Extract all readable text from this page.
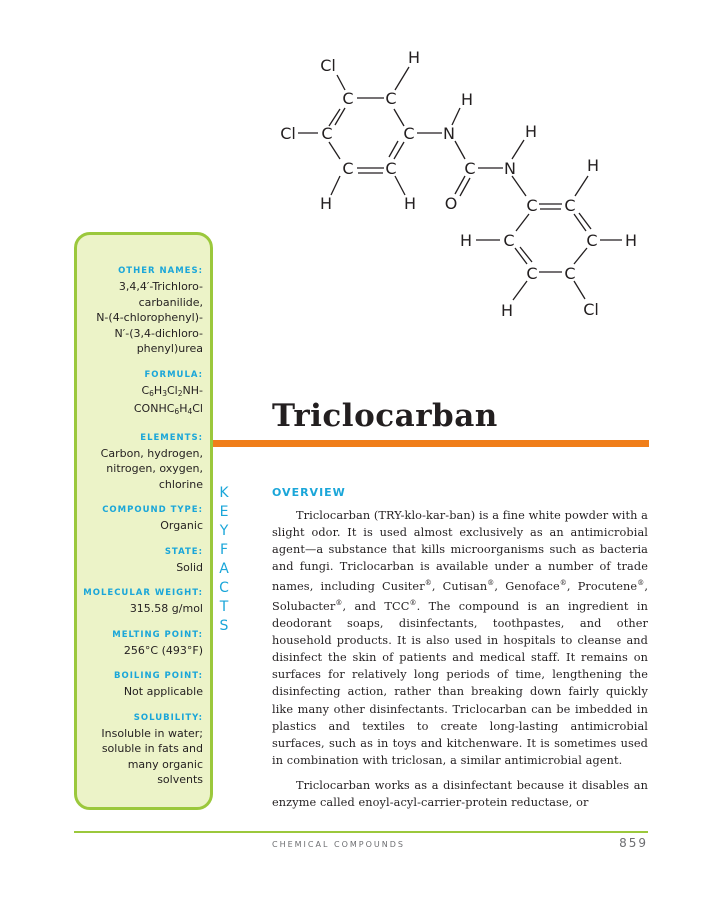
Cl	H
C C	H
Cl C	C N	H
C C	C N	H
H	H O	C C
H C	C H
C C
H	Cl
OTHER NAMES:
3,4,4′-Trichloro-
carbanilide,
N-(4-chlorophenyl)-
N′-(3,4-dichloro-
phenyl)urea
FORMULA:
$C_6H_3Cl_2NH-$
$CONHC_6H_4Cl$
ELEMENTS:
Carbon, hydrogen,
nitrogen, oxygen,
chlorine
COMPOUND TYPE:
Organic
STATE:
Solid
MOLECULAR WEIGHT:
315.58 g/mol
MELTING POINT:
256°C (493°F)
BOILING POINT:
Not applicable
SOLUBILITY:
Insoluble in water;
soluble in fats and
many organic
solvents
K
E
Y
F
A
C
T
S
Triclocarban
OVERVIEW

Triclocarban (TRY-klo-kar-ban) is a fine white powder with a slight odor. It is used almost exclusively as an antimicrobial agent—a substance that kills microorganisms such as bacteria and fungi. Triclocarban is available under a number of trade names, including Cusiter®, Cutisan®, Genoface®, Procutene®, Solubacter®, and TCC®. The compound is an ingredient in deodorant soaps, disinfectants, toothpastes, and other household products. It is also used in hospitals to cleanse and disinfect the skin of patients and medical staff. It remains on surfaces for relatively long periods of time, lengthening the disinfecting action, rather than breaking down fairly quickly like many other disinfectants. Triclocarban can be imbedded in plastics and textiles to create long-lasting antimicrobial surfaces, such as in toys and kitchenware. It is sometimes used in combination with triclosan, a similar antimicrobial agent.

Triclocarban works as a disinfectant because it disables an enzyme called enoyl-acyl-carrier-protein reductase, or

CHEMICAL COMPOUNDS	859
